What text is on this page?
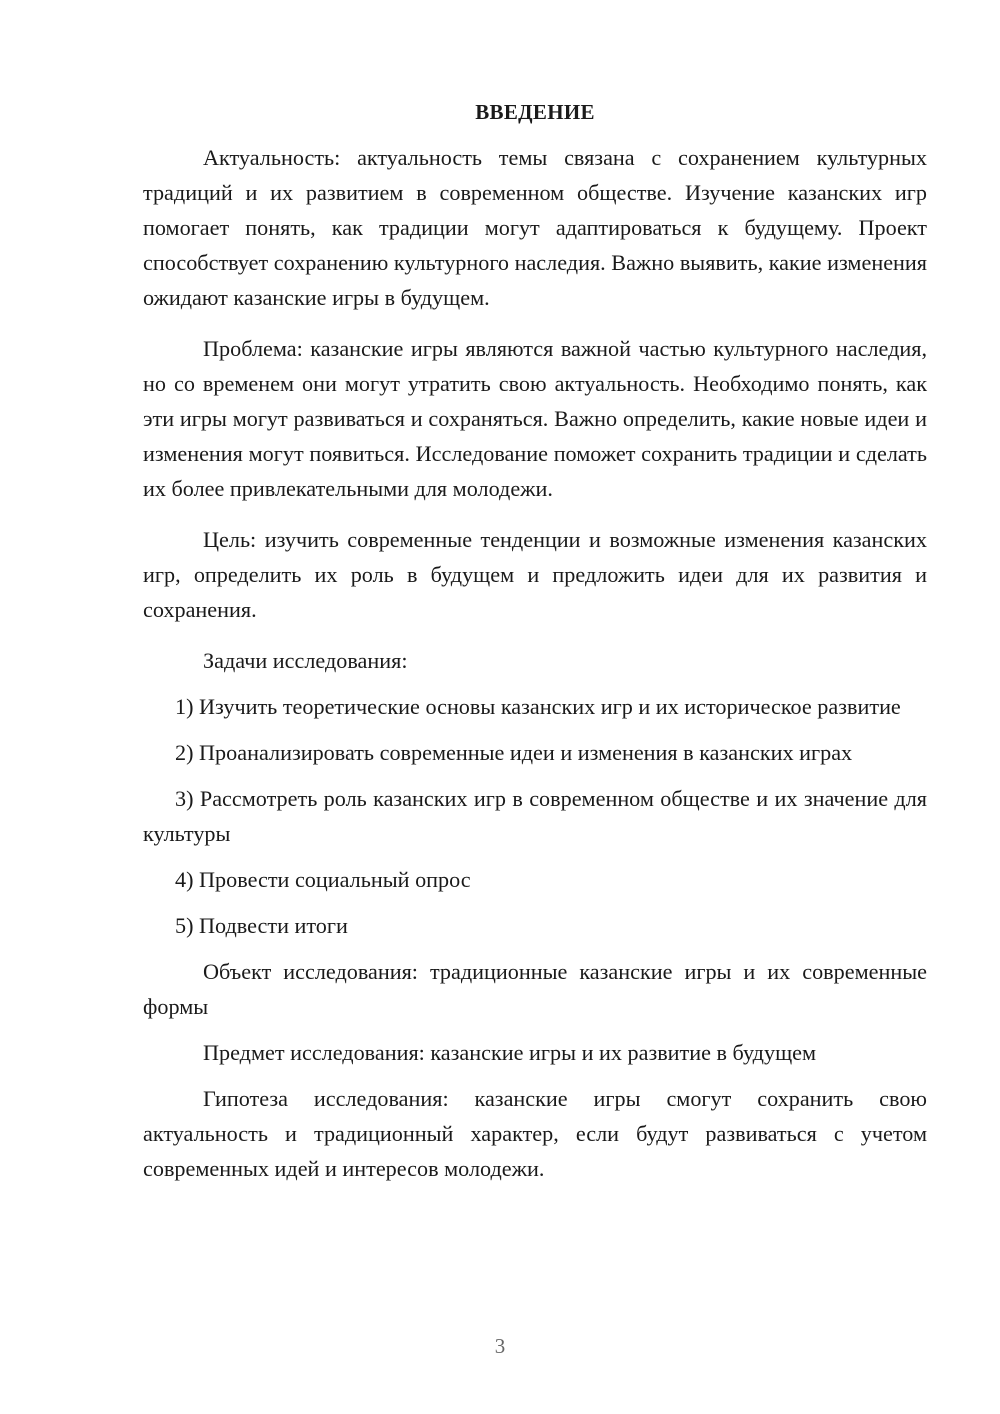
ВВЕДЕНИЕ

Актуальность: актуальность темы связана с сохранением культурных традиций и их развитием в современном обществе. Изучение казанских игр помогает понять, как традиции могут адаптироваться к будущему. Проект способствует сохранению культурного наследия. Важно выявить, какие изменения ожидают казанские игры в будущем.

Проблема: казанские игры являются важной частью культурного наследия, но со временем они могут утратить свою актуальность. Необходимо понять, как эти игры могут развиваться и сохраняться. Важно определить, какие новые идеи и изменения могут появиться. Исследование поможет сохранить традиции и сделать их более привлекательными для молодежи.

Цель: изучить современные тенденции и возможные изменения казанских игр, определить их роль в будущем и предложить идеи для их развития и сохранения.

Задачи исследования:

1) Изучить теоретические основы казанских игр и их историческое развитие

2) Проанализировать современные идеи и изменения в казанских играх

3) Рассмотреть роль казанских игр в современном обществе и их значение для культуры

4) Провести социальный опрос

5) Подвести итоги

Объект исследования: традиционные казанские игры и их современные формы

Предмет исследования: казанские игры и их развитие в будущем

Гипотеза исследования: казанские игры смогут сохранить свою актуальность и традиционный характер, если будут развиваться с учетом современных идей и интересов молодежи.

3
